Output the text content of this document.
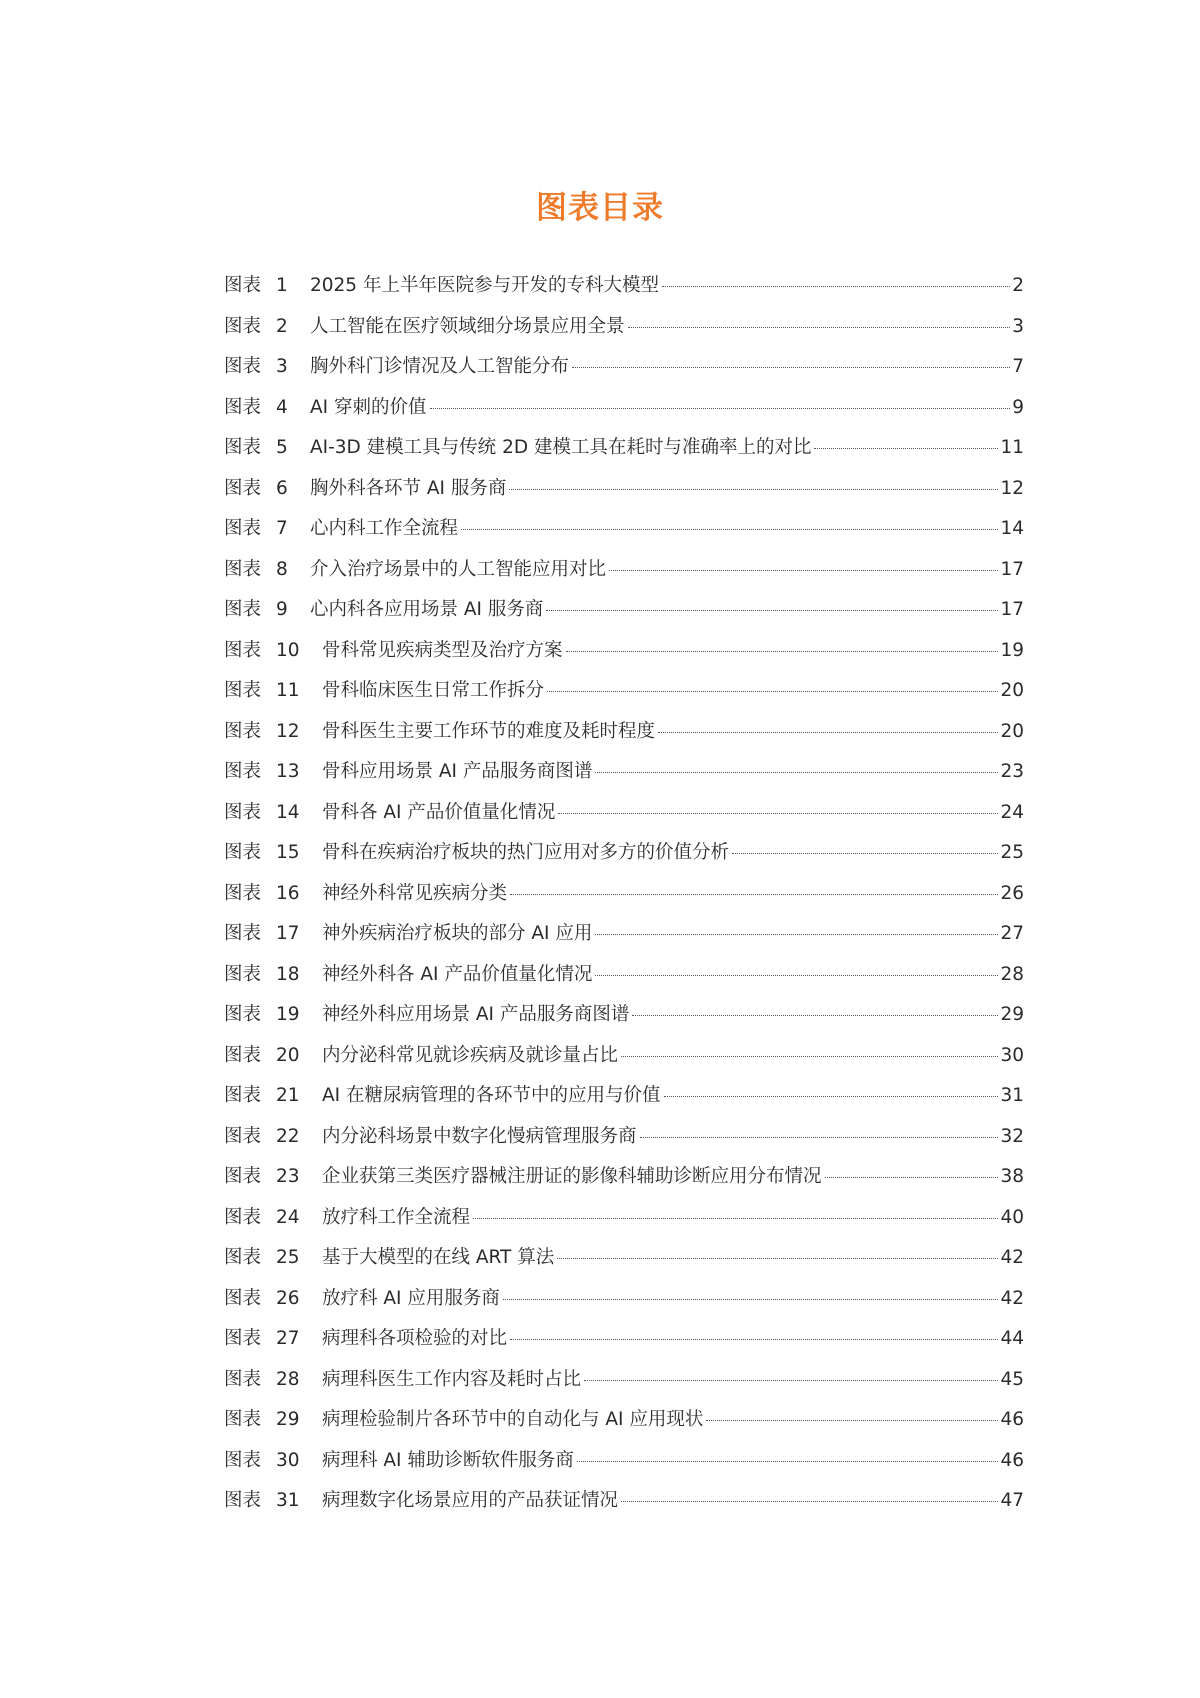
图表目录
图表 1	2025 年上半年医院参与开发的专科大模型	2
图表 2	人工智能在医疗领域细分场景应用全景	3
图表 3	胸外科门诊情况及人工智能分布	7
图表 4	AI 穿刺的价值	9
图表 5	AI-3D 建模工具与传统 2D 建模工具在耗时与准确率上的对比	11
图表 6	胸外科各环节 AI 服务商	12
图表 7	心内科工作全流程	14
图表 8	介入治疗场景中的人工智能应用对比	17
图表 9	心内科各应用场景 AI 服务商	17
图表 10	骨科常见疾病类型及治疗方案	19
图表 11	骨科临床医生日常工作拆分	20
图表 12	骨科医生主要工作环节的难度及耗时程度	20
图表 13	骨科应用场景 AI 产品服务商图谱	23
图表 14	骨科各 AI 产品价值量化情况	24
图表 15	骨科在疾病治疗板块的热门应用对多方的价值分析	25
图表 16	神经外科常见疾病分类	26
图表 17	神外疾病治疗板块的部分 AI 应用	27
图表 18	神经外科各 AI 产品价值量化情况	28
图表 19	神经外科应用场景 AI 产品服务商图谱	29
图表 20	内分泌科常见就诊疾病及就诊量占比	30
图表 21	AI 在糖尿病管理的各环节中的应用与价值	31
图表 22	内分泌科场景中数字化慢病管理服务商	32
图表 23	企业获第三类医疗器械注册证的影像科辅助诊断应用分布情况	38
图表 24	放疗科工作全流程	40
图表 25	基于大模型的在线 ART 算法	42
图表 26	放疗科 AI 应用服务商	42
图表 27	病理科各项检验的对比	44
图表 28	病理科医生工作内容及耗时占比	45
图表 29	病理检验制片各环节中的自动化与 AI 应用现状	46
图表 30	病理科 AI 辅助诊断软件服务商	46
图表 31	病理数字化场景应用的产品获证情况	47
